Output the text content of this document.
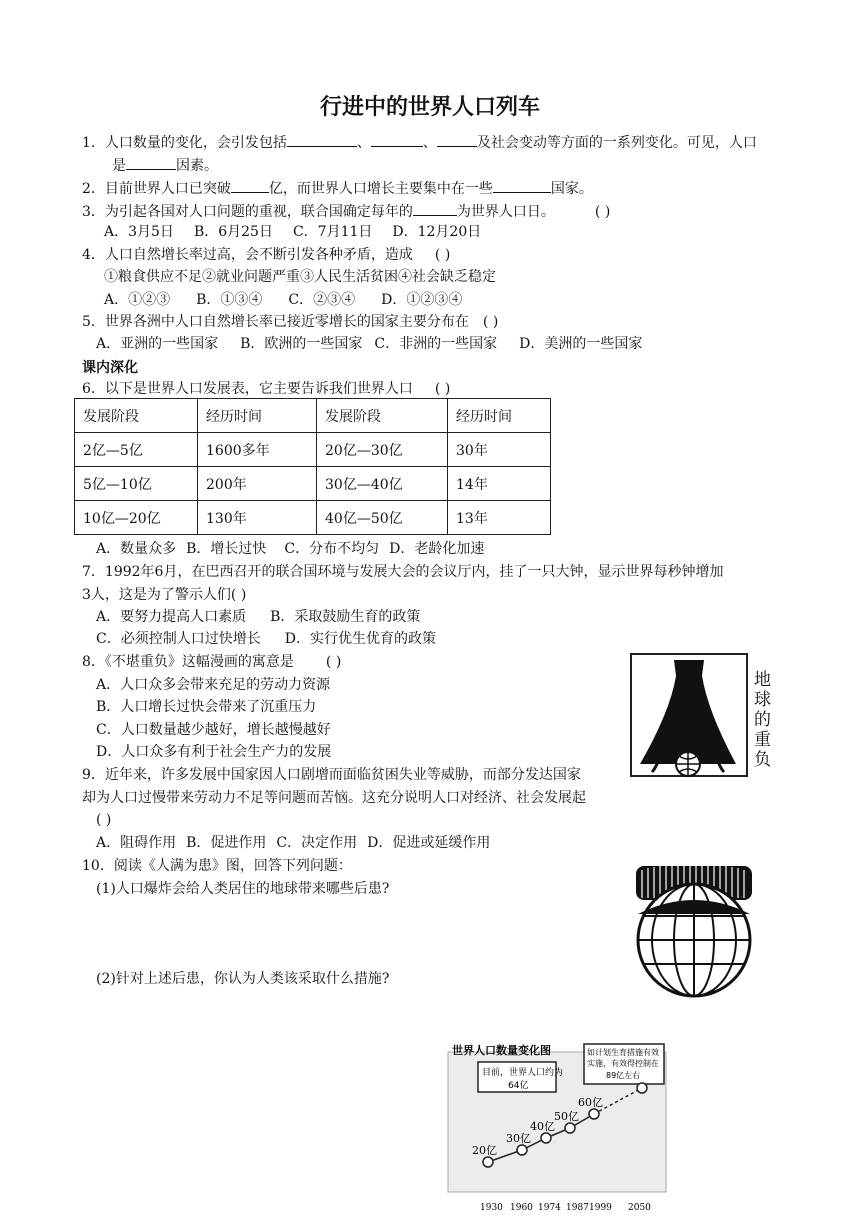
行进中的世界人口列车
1．人口数量的变化，会引发包括	、	、	及社会变动等方面的一系列变化。可见，人口
是	因素。
2．目前世界人口已突破	亿，而世界人口增长主要集中在一些	国家。
3．为引起各国对人口问题的重视，联合国确定每年的	为世界人口日。	( )
A．3月5日 B．6月25日 C．7月11日 D．12月20日
4．人口自然增长率过高，会不断引发各种矛盾，造成 ( )
①粮食供应不足②就业问题严重③人民生活贫困④社会缺乏稳定
A．①②③ B．①③④ C．②③④ D．①②③④
5．世界各洲中人口自然增长率已接近零增长的国家主要分布在 ( )
A．亚洲的一些国家 B．欧洲的一些国家 C．非洲的一些国家 D．美洲的一些国家
课内深化
6．以下是世界人口发展表，它主要告诉我们世界人口 ( )
发展阶段	经历时间	发展阶段	经历时间
2亿—5亿	1600多年	20亿—30亿	30年
5亿—10亿	200年	30亿—40亿	14年
10亿—20亿	130年	40亿—50亿	13年
A．数量众多 B．增长过快 C．分布不均匀 D．老龄化加速
7．1992年6月，在巴西召开的联合国环境与发展大会的会议厅内，挂了一只大钟，显示世界每秒钟增加
3人，这是为了警示人们( )
A．要努力提高人口素质 B．采取鼓励生育的政策
C．必须控制人口过快增长 D．实行优生优育的政策
8．《不堪重负》这幅漫画的寓意是 ( )
A．人口众多会带来充足的劳动力资源
B．人口增长过快会带来了沉重压力
C．人口数量越少越好，增长越慢越好
D．人口众多有利于社会生产力的发展
地
球
的
重
负
9．近年来，许多发展中国家因人口剧增而面临贫困失业等威胁，而部分发达国家
却为人口过慢带来劳动力不足等问题而苦恼。这充分说明人口对经济、社会发展起
( )
A．阻碍作用 B．促进作用 C．决定作用 D．促进或延缓作用
10．阅读《人满为患》图，回答下列问题：
(1)人口爆炸会给人类居住的地球带来哪些后患?
(2)针对上述后患，你认为人类该采取什么措施?
世界人口数量变化图
目前，世界人口约为
64亿
如计划生育措施有效
实施，有效得控制在
89亿左右
20亿
1930
30亿
1960
40亿
1974
50亿
1987
60亿
1999 2050
